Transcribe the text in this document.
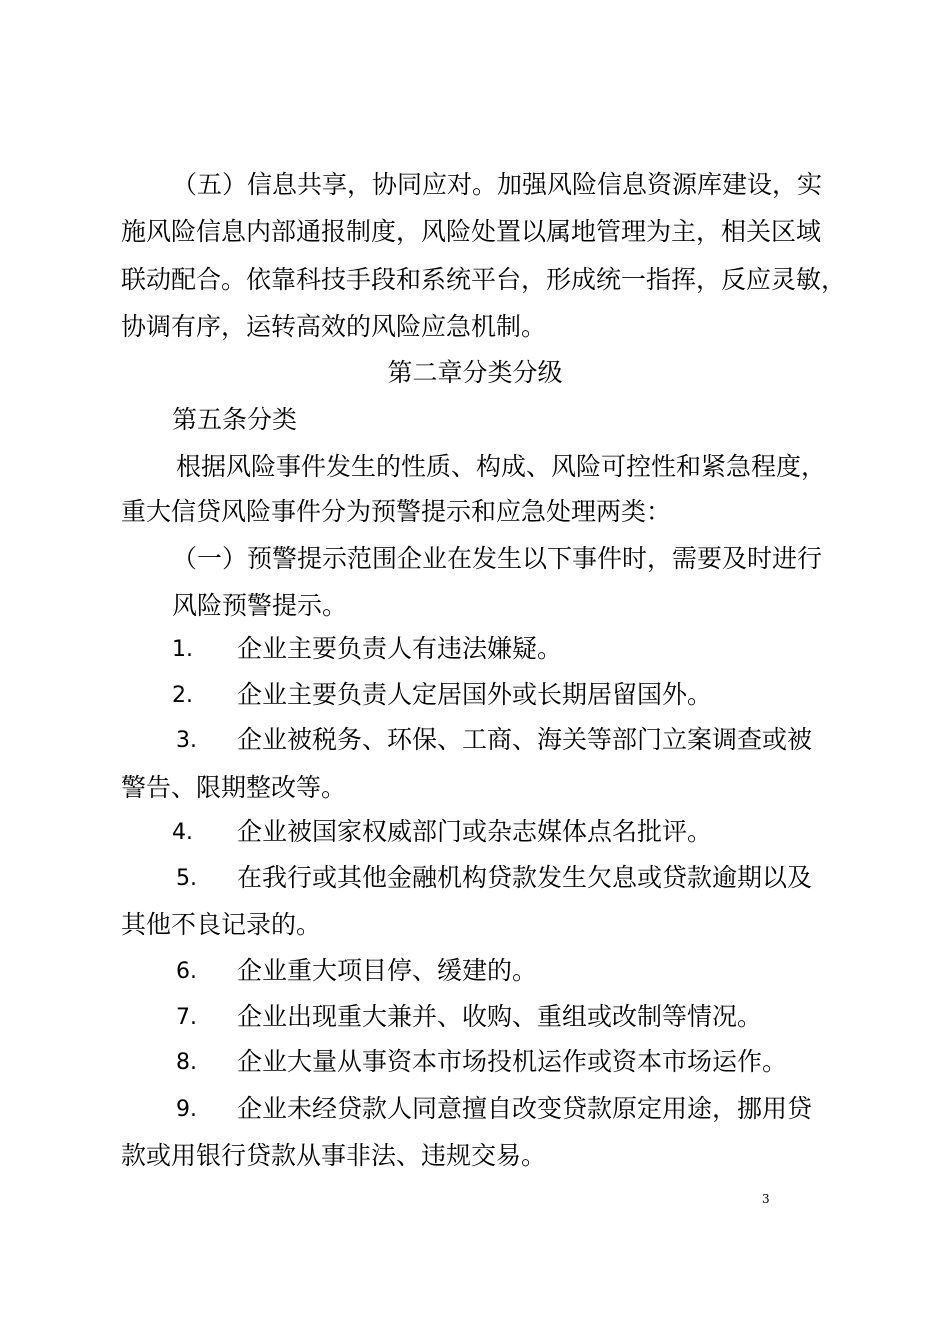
（五）信息共享，协同应对。加强风险信息资源库建设，实

施风险信息内部通报制度，风险处置以属地管理为主，相关区域

联动配合。依靠科技手段和系统平台，形成统一指挥，反应灵敏，

协调有序，运转高效的风险应急机制。

第二章分类分级

第五条分类

根据风险事件发生的性质、构成、风险可控性和紧急程度，

重大信贷风险事件分为预警提示和应急处理两类：

（一）预警提示范围企业在发生以下事件时，需要及时进行

风险预警提示。

1. 企业主要负责人有违法嫌疑。

2. 企业主要负责人定居国外或长期居留国外。

3. 企业被税务、环保、工商、海关等部门立案调查或被

警告、限期整改等。

4. 企业被国家权威部门或杂志媒体点名批评。

5. 在我行或其他金融机构贷款发生欠息或贷款逾期以及

其他不良记录的。

6. 企业重大项目停、缓建的。

7. 企业出现重大兼并、收购、重组或改制等情况。

8. 企业大量从事资本市场投机运作或资本市场运作。

9. 企业未经贷款人同意擅自改变贷款原定用途，挪用贷

款或用银行贷款从事非法、违规交易。

3
